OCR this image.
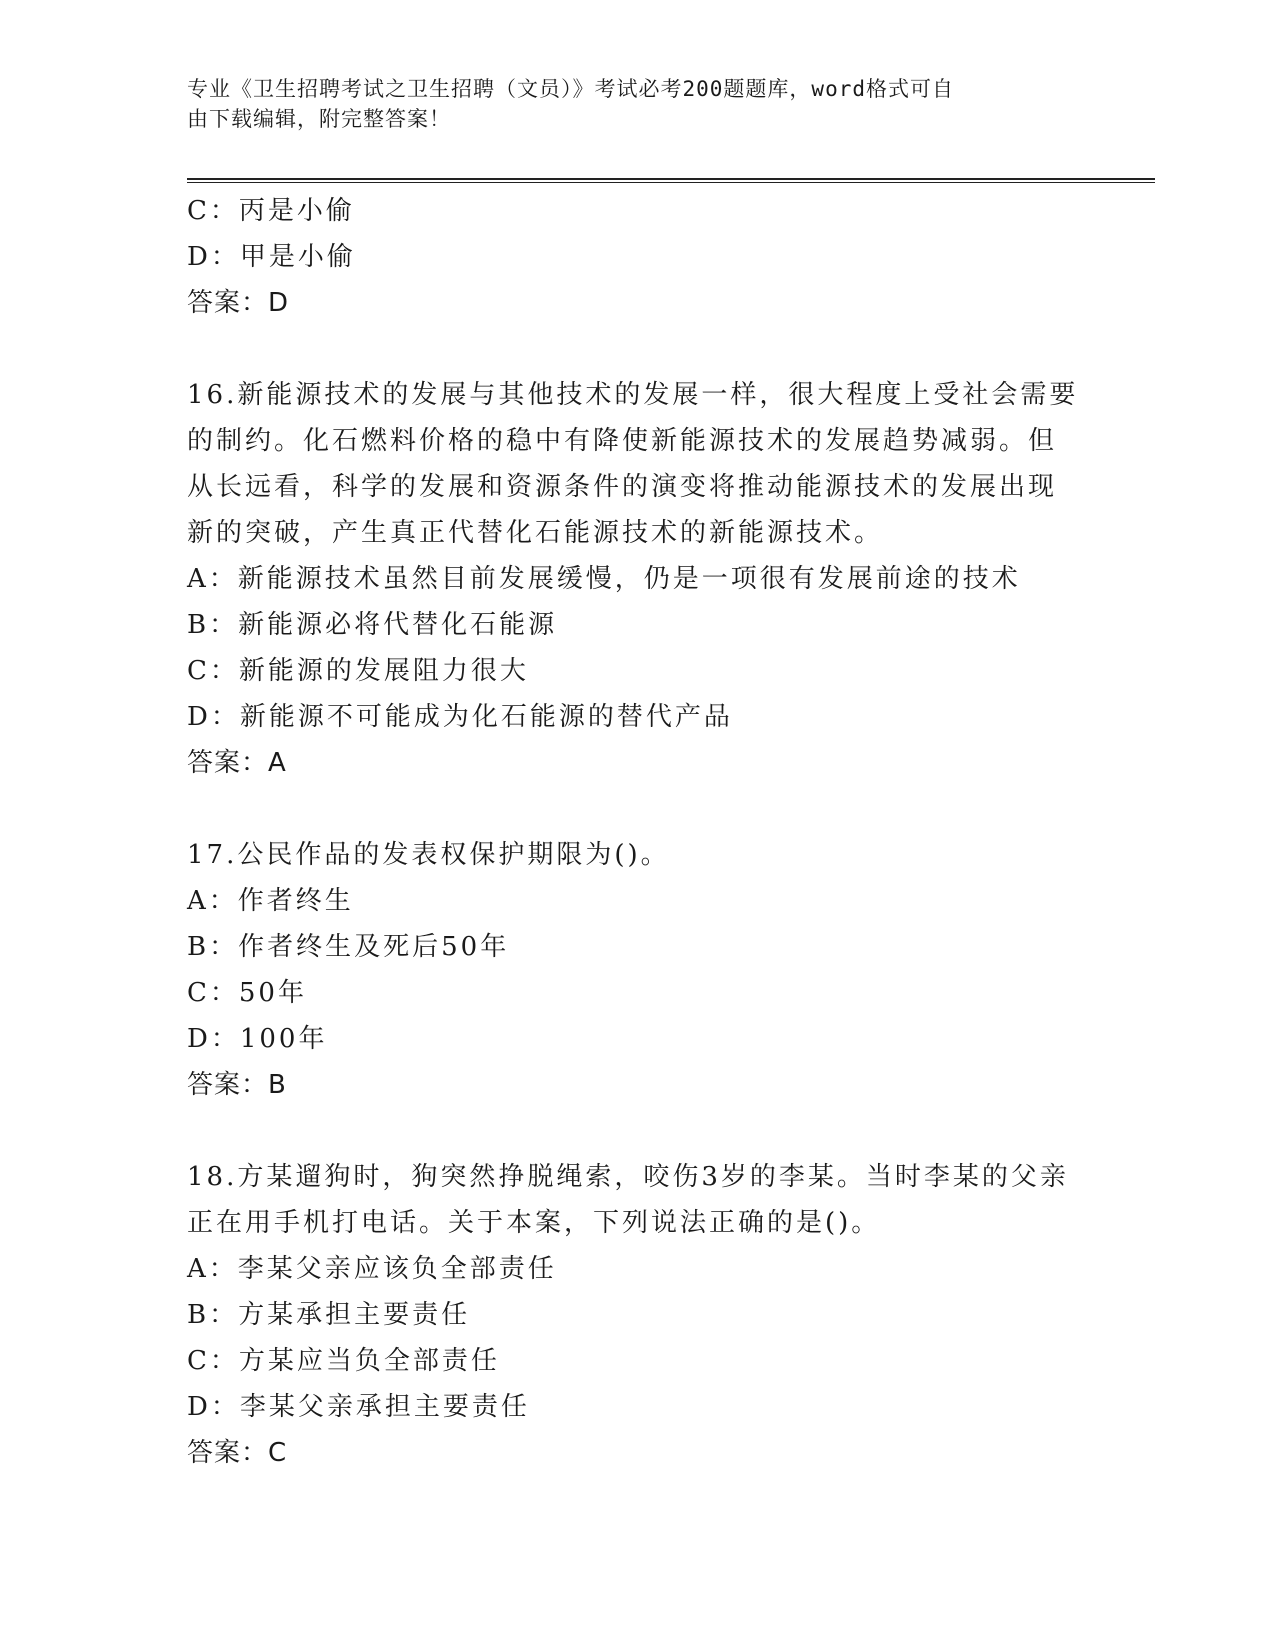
专业《卫生招聘考试之卫生招聘（文员）》考试必考200题题库，word格式可自
由下载编辑，附完整答案！
C：丙是小偷
D：甲是小偷
答案：D
16.新能源技术的发展与其他技术的发展一样，很大程度上受社会需要
的制约。化石燃料价格的稳中有降使新能源技术的发展趋势减弱。但
从长远看，科学的发展和资源条件的演变将推动能源技术的发展出现
新的突破，产生真正代替化石能源技术的新能源技术。
A：新能源技术虽然目前发展缓慢，仍是一项很有发展前途的技术
B：新能源必将代替化石能源
C：新能源的发展阻力很大
D：新能源不可能成为化石能源的替代产品
答案：A
17.公民作品的发表权保护期限为()。
A：作者终生
B：作者终生及死后50年
C：50年
D：100年
答案：B
18.方某遛狗时，狗突然挣脱绳索，咬伤3岁的李某。当时李某的父亲
正在用手机打电话。关于本案，下列说法正确的是()。
A：李某父亲应该负全部责任
B：方某承担主要责任
C：方某应当负全部责任
D：李某父亲承担主要责任
答案：C
